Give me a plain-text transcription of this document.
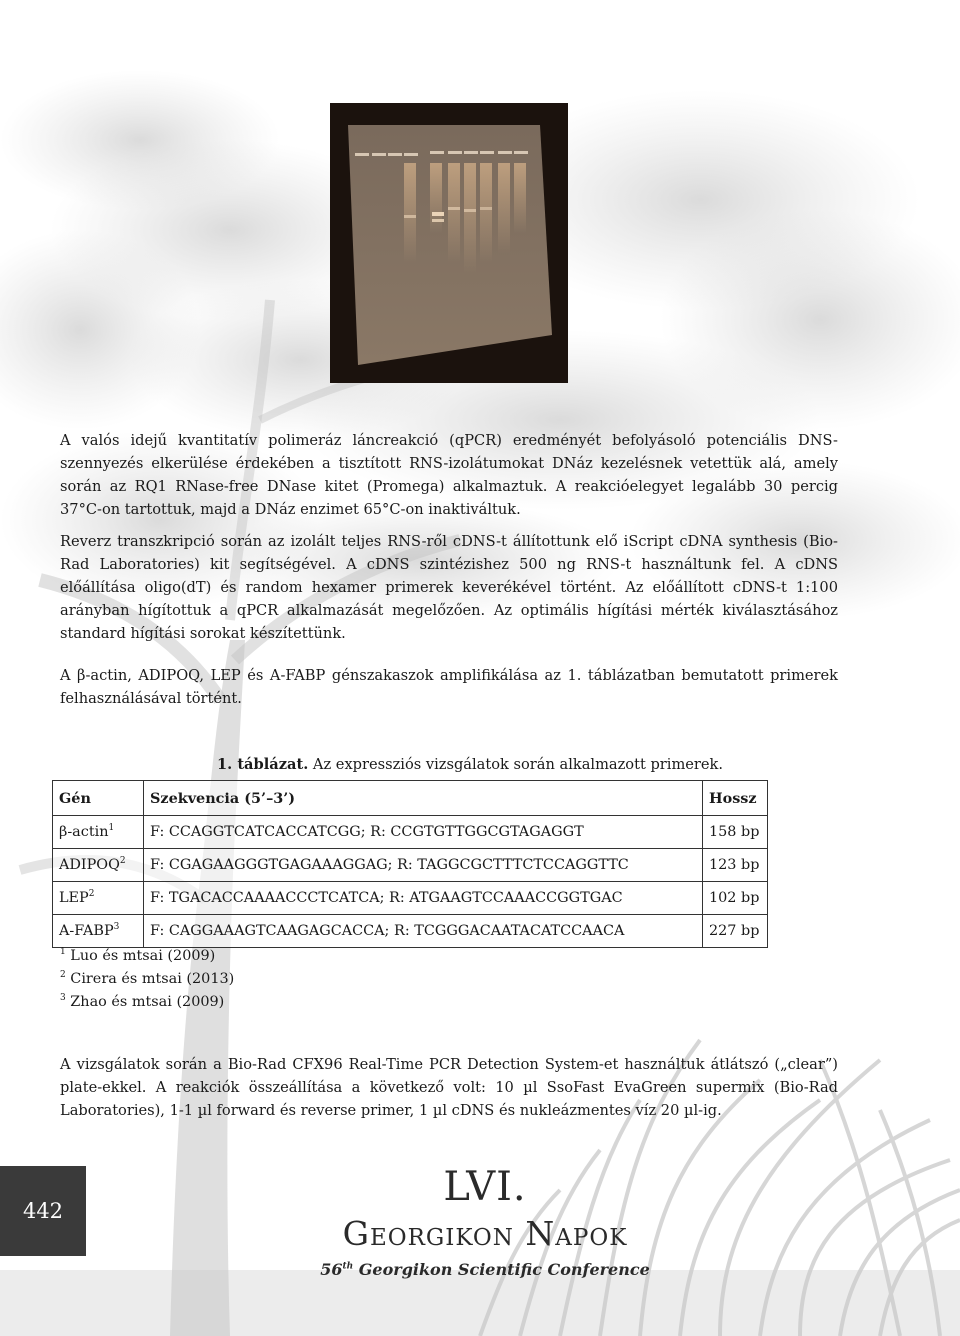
A valós idejű kvantitatív polimeráz láncreakció (qPCR) eredményét befolyásoló potenciális DNS-szennyezés elkerülése érdekében a tisztított RNS-izolátumokat DNáz kezelésnek vetettük alá, amely során az RQ1 RNase-free DNase kitet (Promega) alkalmaztuk. A reakcióelegyet legalább 30 percig 37°C-on tartottuk, majd a DNáz enzimet 65°C-on inaktiváltuk.

Reverz transzkripció során az izolált teljes RNS-ről cDNS-t állítottunk elő iScript cDNA synthesis (Bio-Rad Laboratories) kit segítségével. A cDNS szintézishez 500 ng RNS-t használtunk fel. A cDNS előállítása oligo(dT) és random hexamer primerek keverékével történt. Az előállított cDNS-t 1:100 arányban hígítottuk a qPCR alkalmazását megelőzően. Az optimális hígítási mérték kiválasztásához standard hígítási sorokat készítettünk.

A β-actin, ADIPOQ, LEP és A-FABP génszakaszok amplifikálása az 1. táblázatban bemutatott primerek felhasználásával történt.

1. táblázat. Az expressziós vizsgálatok során alkalmazott primerek.
Gén	Szekvencia (5’–3’)	Hossz
β-actin$^1$	F: CCAGGTCATCACCATCGG; R: CCGTGTTGGCGTAGAGGT	158 bp
ADIPOQ$^2$	F: CGAGAAGGGTGAGAAAGGAG; R: TAGGCGCTTTCTCCAGGTTC	123 bp
LEP$^2$	F: TGACACCAAAACCCTCATCA; R: ATGAAGTCCAAACCGGTGAC	102 bp
A-FABP$^3$	F: CAGGAAAGTCAAGAGCACCA; R: TCGGGACAATACATCCAACA	227 bp
$^1$ Luo és mtsai (2009)
$^2$ Cirera és mtsai (2013)
$^3$ Zhao és mtsai (2009)

A vizsgálatok során a Bio-Rad CFX96 Real-Time PCR Detection System-et használtuk átlátszó („clear”) plate-ekkel. A reakciók összeállítása a következő volt: 10 µl SsoFast EvaGreen supermix (Bio-Rad Laboratories), 1-1 µl forward és reverse primer, 1 µl cDNS és nukleázmentes víz 20 µl-ig.

442
LVI.
Georgikon Napok
56th Georgikon Scientific Conference
